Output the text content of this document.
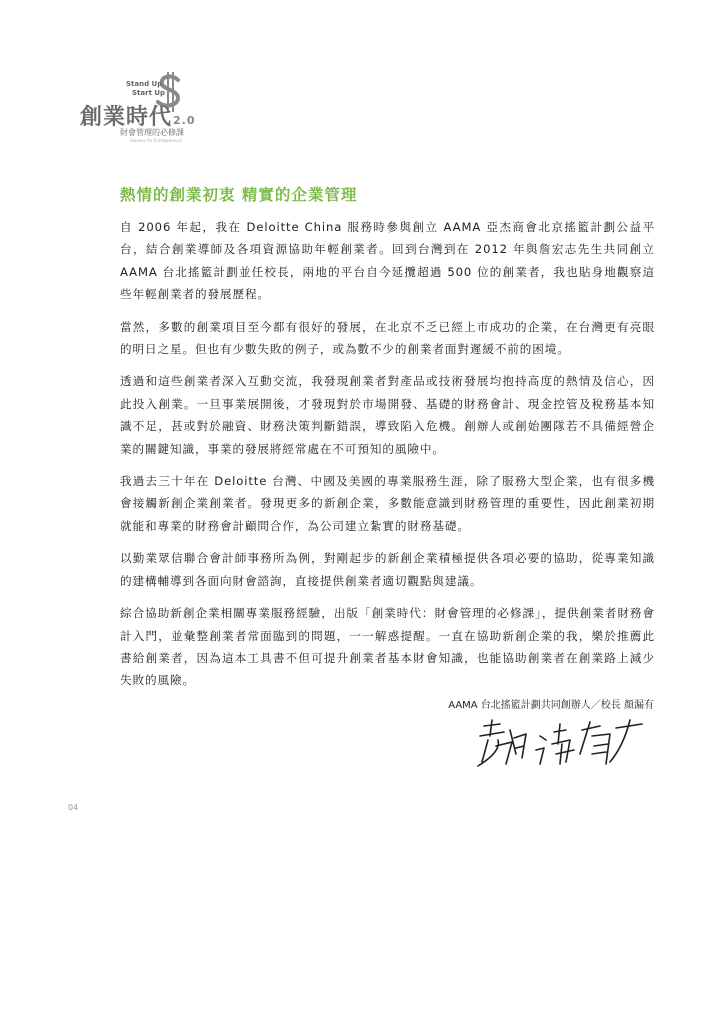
Stand Up
Start Up
創業時代2.0
財會管理的必修課
Lessons for Entrepreneurs
熱情的創業初衷 精實的企業管理

自 2006 年起，我在 Deloitte China 服務時參與創立 AAMA 亞杰商會北京搖籃計劃公益平台，結合創業導師及各項資源協助年輕創業者。回到台灣到在 2012 年與詹宏志先生共同創立 AAMA 台北搖籃計劃並任校長，兩地的平台自今延攬超過 500 位的創業者，我也貼身地觀察這些年輕創業者的發展歷程。

當然，多數的創業項目至今都有很好的發展，在北京不乏已經上市成功的企業，在台灣更有亮眼的明日之星。但也有少數失敗的例子，或為數不少的創業者面對遲緩不前的困境。

透過和這些創業者深入互動交流，我發現創業者對產品或技術發展均抱持高度的熱情及信心，因此投入創業。一旦事業展開後，才發現對於市場開發、基礎的財務會計、現金控管及稅務基本知識不足，甚或對於融資、財務決策判斷錯誤，導致陷入危機。創辦人或創始團隊若不具備經營企業的關鍵知識，事業的發展將經常處在不可預知的風險中。

我過去三十年在 Deloitte 台灣、中國及美國的專業服務生涯，除了服務大型企業，也有很多機會接觸新創企業創業者。發現更多的新創企業，多數能意識到財務管理的重要性，因此創業初期就能和專業的財務會計顧問合作，為公司建立紮實的財務基礎。

以勤業眾信聯合會計師事務所為例，對剛起步的新創企業積極提供各項必要的協助，從專業知識的建構輔導到各面向財會諮詢，直接提供創業者適切觀點與建議。

綜合協助新創企業相關專業服務經驗，出版「創業時代：財會管理的必修課」，提供創業者財務會計入門，並彙整創業者常面臨到的問題，一一解惑提醒。一直在協助新創企業的我，樂於推薦此書給創業者，因為這本工具書不但可提升創業者基本財會知識，也能協助創業者在創業路上減少失敗的風險。

AAMA 台北搖籃計劃共同創辦人／校長 顏漏有
04
